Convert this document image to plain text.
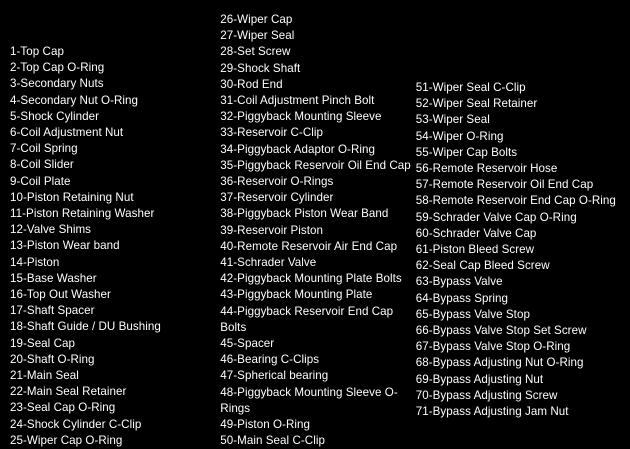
1-Top Cap
2-Top Cap O-Ring
3-Secondary Nuts
4-Secondary Nut O-Ring
5-Shock Cylinder
6-Coil Adjustment Nut
7-Coil Spring
8-Coil Slider
9-Coil Plate
10-Piston Retaining Nut
11-Piston Retaining Washer
12-Valve Shims
13-Piston Wear band
14-Piston
15-Base Washer
16-Top Out Washer
17-Shaft Spacer
18-Shaft Guide / DU Bushing
19-Seal Cap
20-Shaft O-Ring
21-Main Seal
22-Main Seal Retainer
23-Seal Cap O-Ring
24-Shock Cylinder C-Clip
25-Wiper Cap O-Ring
26-Wiper Cap
27-Wiper Seal
28-Set Screw
29-Shock Shaft
30-Rod End
31-Coil Adjustment Pinch Bolt
32-Piggyback Mounting Sleeve
33-Reservoir C-Clip
34-Piggyback Adaptor O-Ring
35-Piggyback Reservoir Oil End Cap
36-Reservoir O-Rings
37-Reservoir Cylinder
38-Piggyback Piston Wear Band
39-Reservoir Piston
40-Remote Reservoir Air End Cap
41-Schrader Valve
42-Piggyback Mounting Plate Bolts
43-Piggyback Mounting Plate
44-Piggyback Reservoir End Cap Bolts
45-Spacer
46-Bearing C-Clips
47-Spherical bearing
48-Piggyback Mounting Sleeve O-Rings
49-Piston O-Ring
50-Main Seal C-Clip
51-Wiper Seal C-Clip
52-Wiper Seal Retainer
53-Wiper Seal
54-Wiper O-Ring
55-Wiper Cap Bolts
56-Remote Reservoir Hose
57-Remote Reservoir Oil End Cap
58-Remote Reservoir End Cap O-Ring
59-Schrader Valve Cap O-Ring
60-Schrader Valve Cap
61-Piston Bleed Screw
62-Seal Cap Bleed Screw
63-Bypass Valve
64-Bypass Spring
65-Bypass Valve Stop
66-Bypass Valve Stop Set Screw
67-Bypass Valve Stop O-Ring
68-Bypass Adjusting Nut O-Ring
69-Bypass Adjusting Nut
70-Bypass Adjusting Screw
71-Bypass Adjusting Jam Nut
